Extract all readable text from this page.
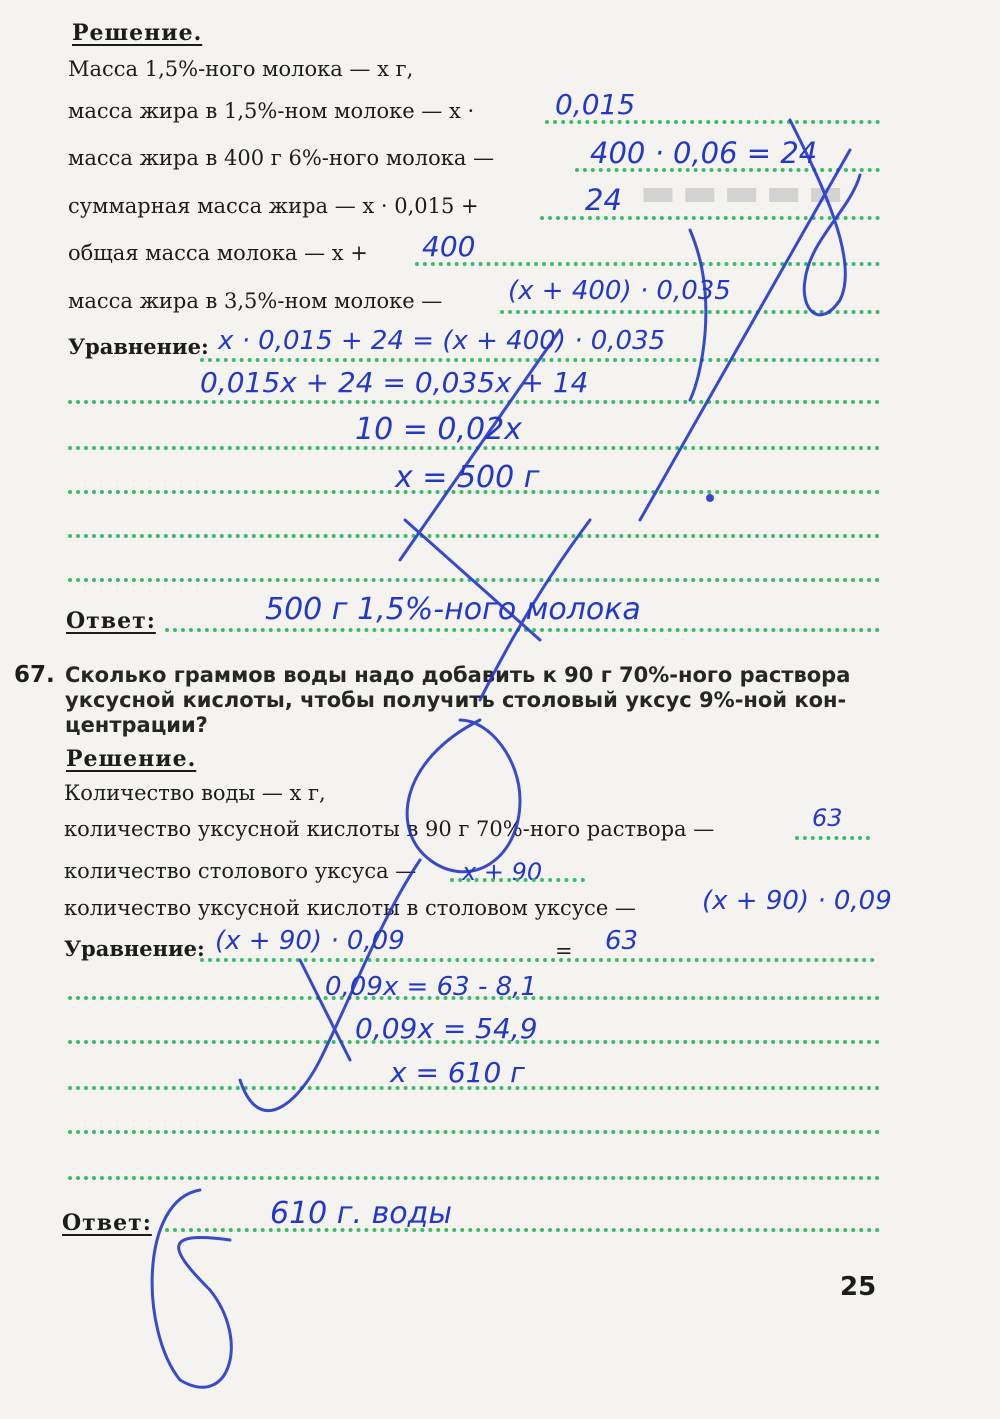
▬▬▬▬▬
Решение.
Масса 1,5%-ного молока — x г,
масса жира в 1,5%-ном молоке — x ·	0,015
масса жира в 400 г 6%-ного молока —	400 · 0,06 = 24
суммарная масса жира — x · 0,015 +	24
общая масса молока — x + 400
масса жира в 3,5%-ном молоке —	(x + 400) · 0,035
Уравнение: x · 0,015 + 24 = (x + 400) · 0,035
0,015x + 24 = 0,035x + 14
10 = 0,02x
x = 500 г
Ответ:	500 г 1,5%-ного молока
67. Сколько граммов воды надо добавить к 90 г 70%-ного раствора
уксусной кислоты, чтобы получить столовый уксус 9%-ной кон-
центрации?
Решение.
Количество воды — x г,
количество уксусной кислоты в 90 г 70%-ного раствора —	63
количество столового уксуса — x + 90
количество уксусной кислоты в столовом уксусе —	(x + 90) · 0,09
Уравнение: (x + 90) · 0,09	= 63
0,09x = 63 - 8,1
0,09x = 54,9
x = 610 г
Ответ:	610 г. воды
25
